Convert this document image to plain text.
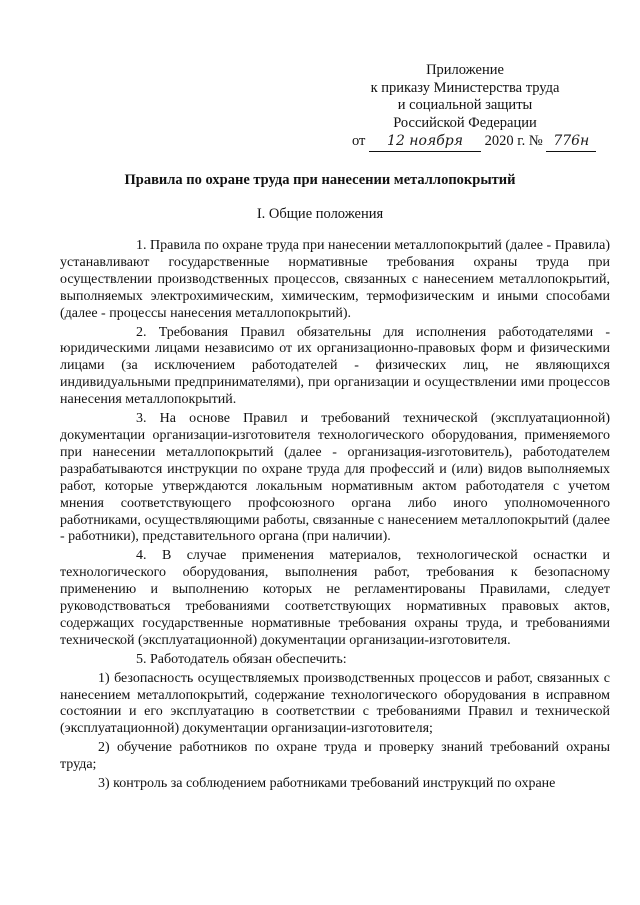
Приложение
к приказу Министерства труда
и социальной защиты
Российской Федерации
от 12 ноября 2020 г. № 776н
Правила по охране труда при нанесении металлопокрытий
I. Общие положения

1. Правила по охране труда при нанесении металлопокрытий (далее - Правила) устанавливают государственные нормативные требования охраны труда при осуществлении производственных процессов, связанных с нанесением металлопокрытий, выполняемых электрохимическим, химическим, термофизическим и иными способами (далее - процессы нанесения металлопокрытий).

2. Требования Правил обязательны для исполнения работодателями - юридическими лицами независимо от их организационно-правовых форм и физическими лицами (за исключением работодателей - физических лиц, не являющихся индивидуальными предпринимателями), при организации и осуществлении ими процессов нанесения металлопокрытий.

3. На основе Правил и требований технической (эксплуатационной) документации организации-изготовителя технологического оборудования, применяемого при нанесении металлопокрытий (далее - организация-изготовитель), работодателем разрабатываются инструкции по охране труда для профессий и (или) видов выполняемых работ, которые утверждаются локальным нормативным актом работодателя с учетом мнения соответствующего профсоюзного органа либо иного уполномоченного работниками, осуществляющими работы, связанные с нанесением металлопокрытий (далее - работники), представительного органа (при наличии).

4. В случае применения материалов, технологической оснастки и технологического оборудования, выполнения работ, требования к безопасному применению и выполнению которых не регламентированы Правилами, следует руководствоваться требованиями соответствующих нормативных правовых актов, содержащих государственные нормативные требования охраны труда, и требованиями технической (эксплуатационной) документации организации-изготовителя.

5. Работодатель обязан обеспечить:

1) безопасность осуществляемых производственных процессов и работ, связанных с нанесением металлопокрытий, содержание технологического оборудования в исправном состоянии и его эксплуатацию в соответствии с требованиями Правил и технической (эксплуатационной) документации организации-изготовителя;

2) обучение работников по охране труда и проверку знаний требований охраны труда;

3) контроль за соблюдением работниками требований инструкций по охране
